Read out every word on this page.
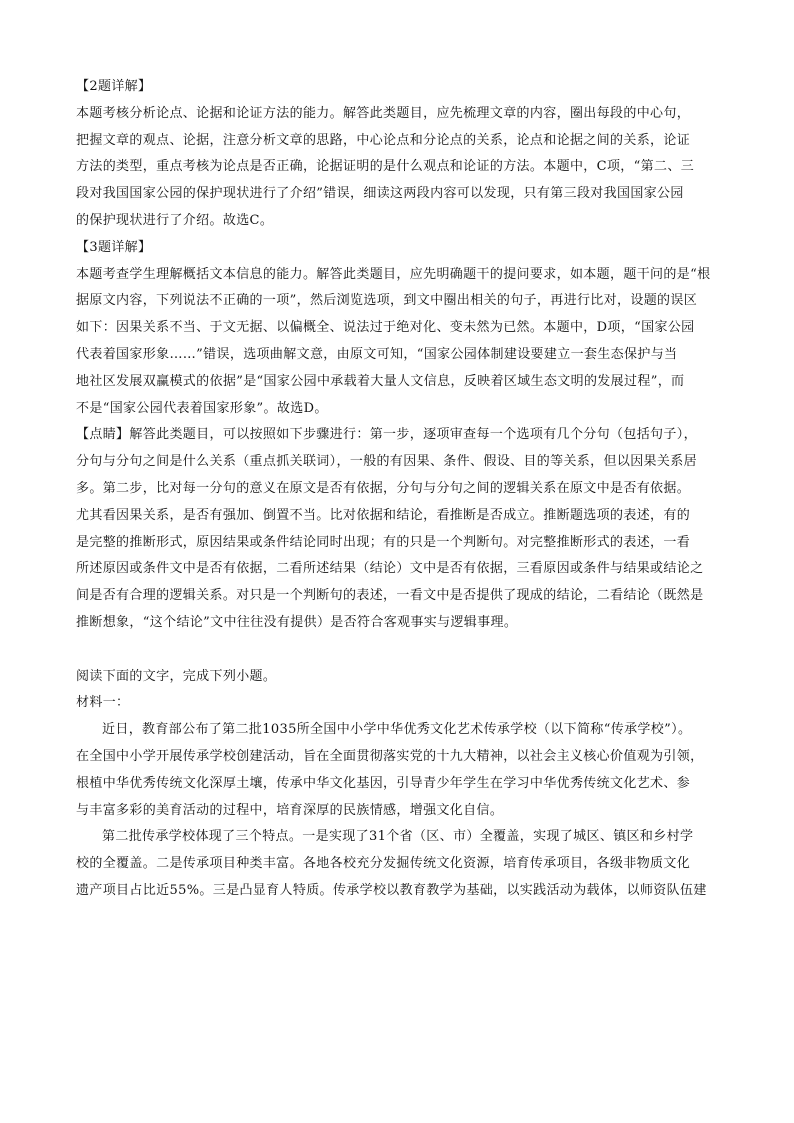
【2题详解】
本题考核分析论点、论据和论证方法的能力。解答此类题目，应先梳理文章的内容，圈出每段的中心句，
把握文章的观点、论据，注意分析文章的思路，中心论点和分论点的关系，论点和论据之间的关系，论证
方法的类型，重点考核为论点是否正确，论据证明的是什么观点和论证的方法。本题中，C项，“第二、三
段对我国国家公园的保护现状进行了介绍”错误，细读这两段内容可以发现，只有第三段对我国国家公园
的保护现状进行了介绍。故选C。
【3题详解】
本题考查学生理解概括文本信息的能力。解答此类题目，应先明确题干的提问要求，如本题，题干问的是“根
据原文内容，下列说法不正确的一项”，然后浏览选项，到文中圈出相关的句子，再进行比对，设题的误区
如下：因果关系不当、于文无据、以偏概全、说法过于绝对化、变未然为已然。本题中，D项，“国家公园
代表着国家形象……”错误，选项曲解文意，由原文可知，“国家公园体制建设要建立一套生态保护与当
地社区发展双赢模式的依据”是“国家公园中承载着大量人文信息，反映着区域生态文明的发展过程”，而
不是“国家公园代表着国家形象”。故选D。
【点睛】解答此类题目，可以按照如下步骤进行：第一步，逐项审查每一个选项有几个分句（包括句子），
分句与分句之间是什么关系（重点抓关联词），一般的有因果、条件、假设、目的等关系，但以因果关系居
多。第二步，比对每一分句的意义在原文是否有依据，分句与分句之间的逻辑关系在原文中是否有依据。
尤其看因果关系，是否有强加、倒置不当。比对依据和结论，看推断是否成立。推断题选项的表述，有的
是完整的推断形式，原因结果或条件结论同时出现；有的只是一个判断句。对完整推断形式的表述，一看
所述原因或条件文中是否有依据，二看所述结果（结论）文中是否有依据，三看原因或条件与结果或结论之
间是否有合理的逻辑关系。对只是一个判断句的表述，一看文中是否提供了现成的结论，二看结论（既然是
推断想象，“这个结论”文中往往没有提供）是否符合客观事实与逻辑事理。
阅读下面的文字，完成下列小题。
材料一：
近日，教育部公布了第二批1035所全国中小学中华优秀文化艺术传承学校（以下简称“传承学校”）。
在全国中小学开展传承学校创建活动，旨在全面贯彻落实党的十九大精神，以社会主义核心价值观为引领，
根植中华优秀传统文化深厚土壤，传承中华文化基因，引导青少年学生在学习中华优秀传统文化艺术、参
与丰富多彩的美育活动的过程中，培育深厚的民族情感，增强文化自信。
第二批传承学校体现了三个特点。一是实现了31个省（区、市）全覆盖，实现了城区、镇区和乡村学
校的全覆盖。二是传承项目种类丰富。各地各校充分发掘传统文化资源，培育传承项目，各级非物质文化
遗产项目占比近55%。三是凸显育人特质。传承学校以教育教学为基础，以实践活动为载体，以师资队伍建
